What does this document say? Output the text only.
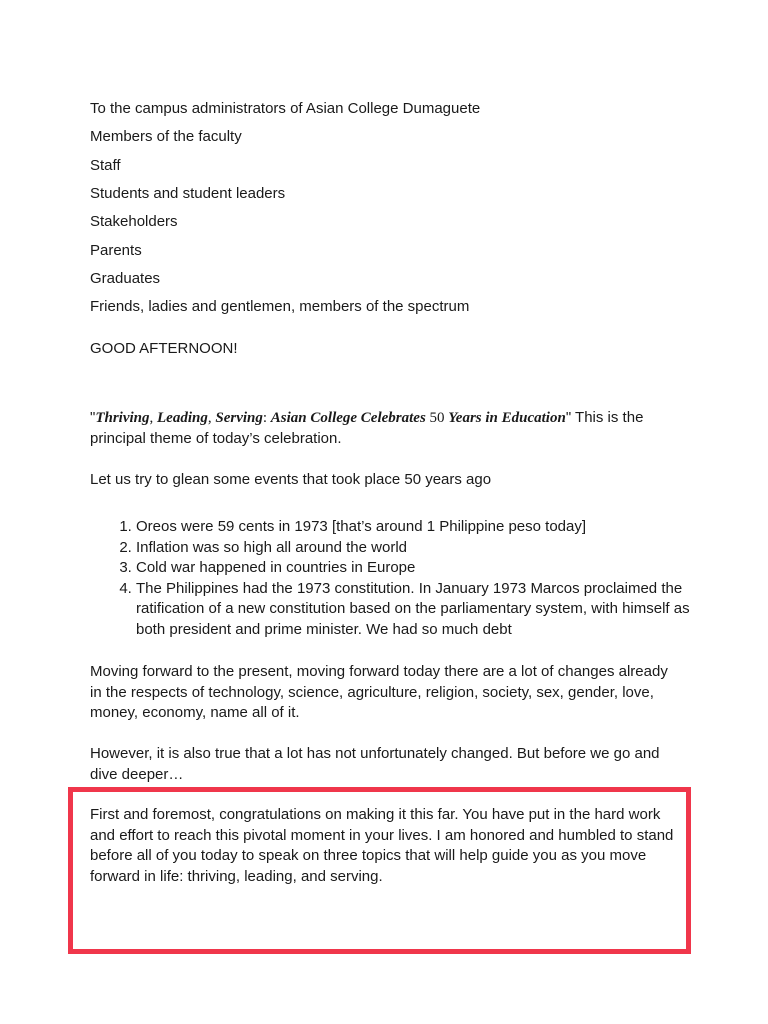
To the campus administrators of Asian College Dumaguete
Members of the faculty
Staff
Students and student leaders
Stakeholders
Parents
Graduates
Friends, ladies and gentlemen, members of the spectrum
GOOD AFTERNOON!
"Thriving, Leading, Serving: Asian College Celebrates 50 Years in Education" This is the principal theme of today’s celebration.
Let us try to glean some events that took place 50 years ago
1. Oreos were 59 cents in 1973 [that’s around 1 Philippine peso today]
2. Inflation was so high all around the world
3. Cold war happened in countries in Europe
4. The Philippines had the 1973 constitution. In January 1973 Marcos proclaimed the ratification of a new constitution based on the parliamentary system, with himself as both president and prime minister. We had so much debt
Moving forward to the present, moving forward today there are a lot of changes already in the respects of technology, science, agriculture, religion, society, sex, gender, love, money, economy, name all of it.
However, it is also true that a lot has not unfortunately changed. But before we go and dive deeper…
First and foremost, congratulations on making it this far. You have put in the hard work and effort to reach this pivotal moment in your lives. I am honored and humbled to stand before all of you today to speak on three topics that will help guide you as you move forward in life: thriving, leading, and serving.
